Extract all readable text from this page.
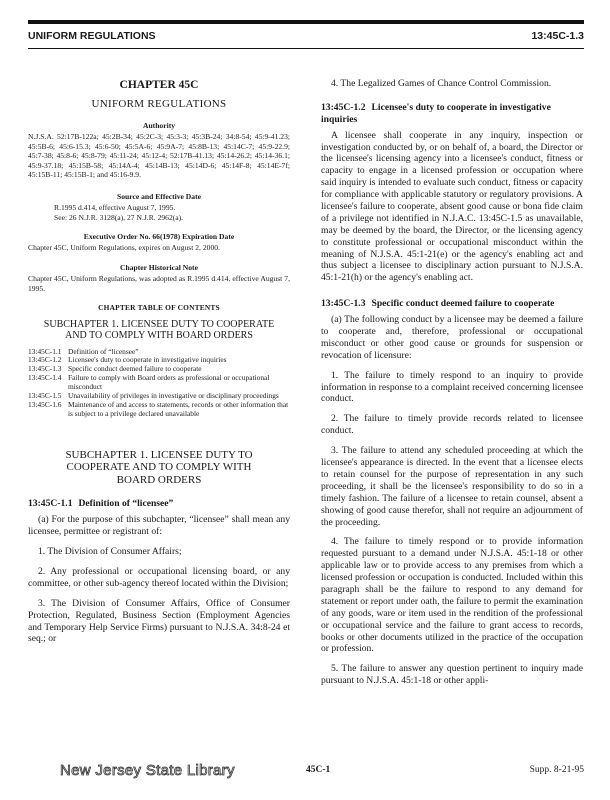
UNIFORM REGULATIONS	13:45C-1.3
CHAPTER 45C
UNIFORM REGULATIONS
Authority
N.J.S.A. 52:17B-122a; 45:2B-34; 45:2C-3; 45:3-3; 45:3B-24; 34:8-54; 45:9-41.23; 45:5B-6; 45:6-15.3; 45:6-50; 45:5A-6; 45:9A-7; 45:8B-13; 45:14C-7; 45:9-22.9; 45:7-38; 45:8-6; 45:8-79; 45:11-24; 45:12-4; 52:17B-41.13; 45:14-26.2; 45:14-36.1; 45:9-37.18; 45:15B-58; 45:14A-4; 45:14B-13; 45:14D-6; 45:14F-8; 45:14E-7f; 45:15B-11; 45:15B-1; and 45:16-9.9.
Source and Effective Date
R.1995 d.414, effective August 7, 1995.
See: 26 N.J.R. 3128(a), 27 N.J.R. 2962(a).
Executive Order No. 66(1978) Expiration Date
Chapter 45C, Uniform Regulations, expires on August 2, 2000.
Chapter Historical Note
Chapter 45C, Uniform Regulations, was adopted as R.1995 d.414, effective August 7, 1995.
CHAPTER TABLE OF CONTENTS
SUBCHAPTER 1. LICENSEE DUTY TO COOPERATE
AND TO COMPLY WITH BOARD ORDERS
13:45C-1.1 Definition of “licensee”
13:45C-1.2 Licensee's duty to cooperate in investigative inquiries
13:45C-1.3 Specific conduct deemed failure to cooperate
13:45C-1.4 Failure to comply with Board orders as professional or occupational misconduct
13:45C-1.5 Unavailability of privileges in investigative or disciplinary proceedings
13:45C-1.6 Maintenance of and access to statements, records or other information that is subject to a privilege declared unavailable
SUBCHAPTER 1. LICENSEE DUTY TO
COOPERATE AND TO COMPLY WITH
BOARD ORDERS
13:45C-1.1 Definition of “licensee”

(a) For the purpose of this subchapter, “licensee” shall mean any licensee, permittee or registrant of:

1. The Division of Consumer Affairs;

2. Any professional or occupational licensing board, or any committee, or other sub-agency thereof located within the Division;

3. The Division of Consumer Affairs, Office of Consumer Protection, Regulated, Business Section (Employment Agencies and Temporary Help Service Firms) pursuant to N.J.S.A. 34:8-24 et seq.; or

4. The Legalized Games of Chance Control Commission.

13:45C-1.2 Licensee's duty to cooperate in investigative inquiries

A licensee shall cooperate in any inquiry, inspection or investigation conducted by, or on behalf of, a board, the Director or the licensee's licensing agency into a licensee's conduct, fitness or capacity to engage in a licensed profession or occupation where said inquiry is intended to evaluate such conduct, fitness or capacity for compliance with applicable statutory or regulatory provisions. A licensee's failure to cooperate, absent good cause or bona fide claim of a privilege not identified in N.J.A.C. 13:45C-1.5 as unavailable, may be deemed by the board, the Director, or the licensing agency to constitute professional or occupational misconduct within the meaning of N.J.S.A. 45:1-21(e) or the agency's enabling act and thus subject a licensee to disciplinary action pursuant to N.J.S.A. 45:1-21(h) or the agency's enabling act.

13:45C-1.3 Specific conduct deemed failure to cooperate

(a) The following conduct by a licensee may be deemed a failure to cooperate and, therefore, professional or occupational misconduct or other good cause or grounds for suspension or revocation of licensure:

1. The failure to timely respond to an inquiry to provide information in response to a complaint received concerning licensee conduct.

2. The failure to timely provide records related to licensee conduct.

3. The failure to attend any scheduled proceeding at which the licensee's appearance is directed. In the event that a licensee elects to retain counsel for the purpose of representation in any such proceeding, it shall be the licensee's responsibility to do so in a timely fashion. The failure of a licensee to retain counsel, absent a showing of good cause therefor, shall not require an adjournment of the proceeding.

4. The failure to timely respond or to provide information requested pursuant to a demand under N.J.S.A. 45:1-18 or other applicable law or to provide access to any premises from which a licensed profession or occupation is conducted. Included within this paragraph shall be the failure to respond to any demand for statement or report under oath, the failure to permit the examination of any goods, ware or item used in the rendition of the professional or occupational service and the failure to grant access to records, books or other documents utilized in the practice of the occupation or profession.

5. The failure to answer any question pertinent to inquiry made pursuant to N.J.S.A. 45:1-18 or other appli-

New Jersey State Library	45C-1	Supp. 8-21-95
